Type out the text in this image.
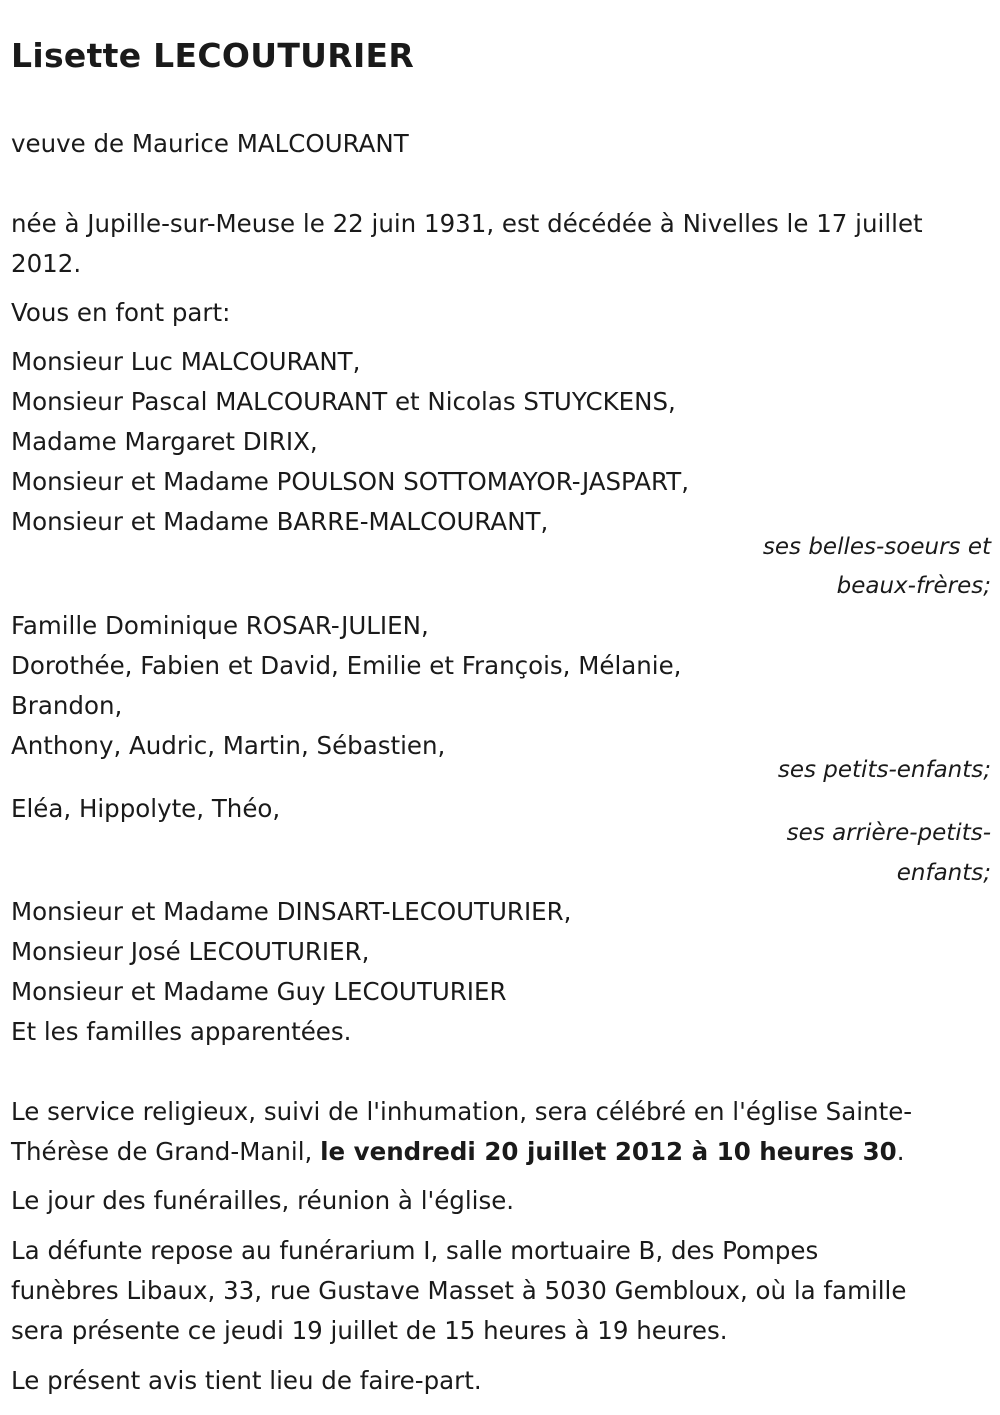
Lisette LECOUTURIER

veuve de Maurice MALCOURANT

née à Jupille-sur-Meuse le 22 juin 1931, est décédée à Nivelles le 17 juillet

2012.

Vous en font part:

Monsieur Luc MALCOURANT,

Monsieur Pascal MALCOURANT et Nicolas STUYCKENS,

Madame Margaret DIRIX,

Monsieur et Madame POULSON SOTTOMAYOR-JASPART,

Monsieur et Madame BARRE-MALCOURANT,

ses belles-soeurs et

beaux-frères;

Famille Dominique ROSAR-JULIEN,

Dorothée, Fabien et David, Emilie et François, Mélanie,

Brandon,

Anthony, Audric, Martin, Sébastien,

ses petits-enfants;

Eléa, Hippolyte, Théo,

ses arrière-petits-

enfants;

Monsieur et Madame DINSART-LECOUTURIER,

Monsieur José LECOUTURIER,

Monsieur et Madame Guy LECOUTURIER

Et les familles apparentées.

Le service religieux, suivi de l'inhumation, sera célébré en l'église Sainte-

Thérèse de Grand-Manil, le vendredi 20 juillet 2012 à 10 heures 30.

Le jour des funérailles, réunion à l'église.

La défunte repose au funérarium I, salle mortuaire B, des Pompes

funèbres Libaux, 33, rue Gustave Masset à 5030 Gembloux, où la famille

sera présente ce jeudi 19 juillet de 15 heures à 19 heures.

Le présent avis tient lieu de faire-part.
